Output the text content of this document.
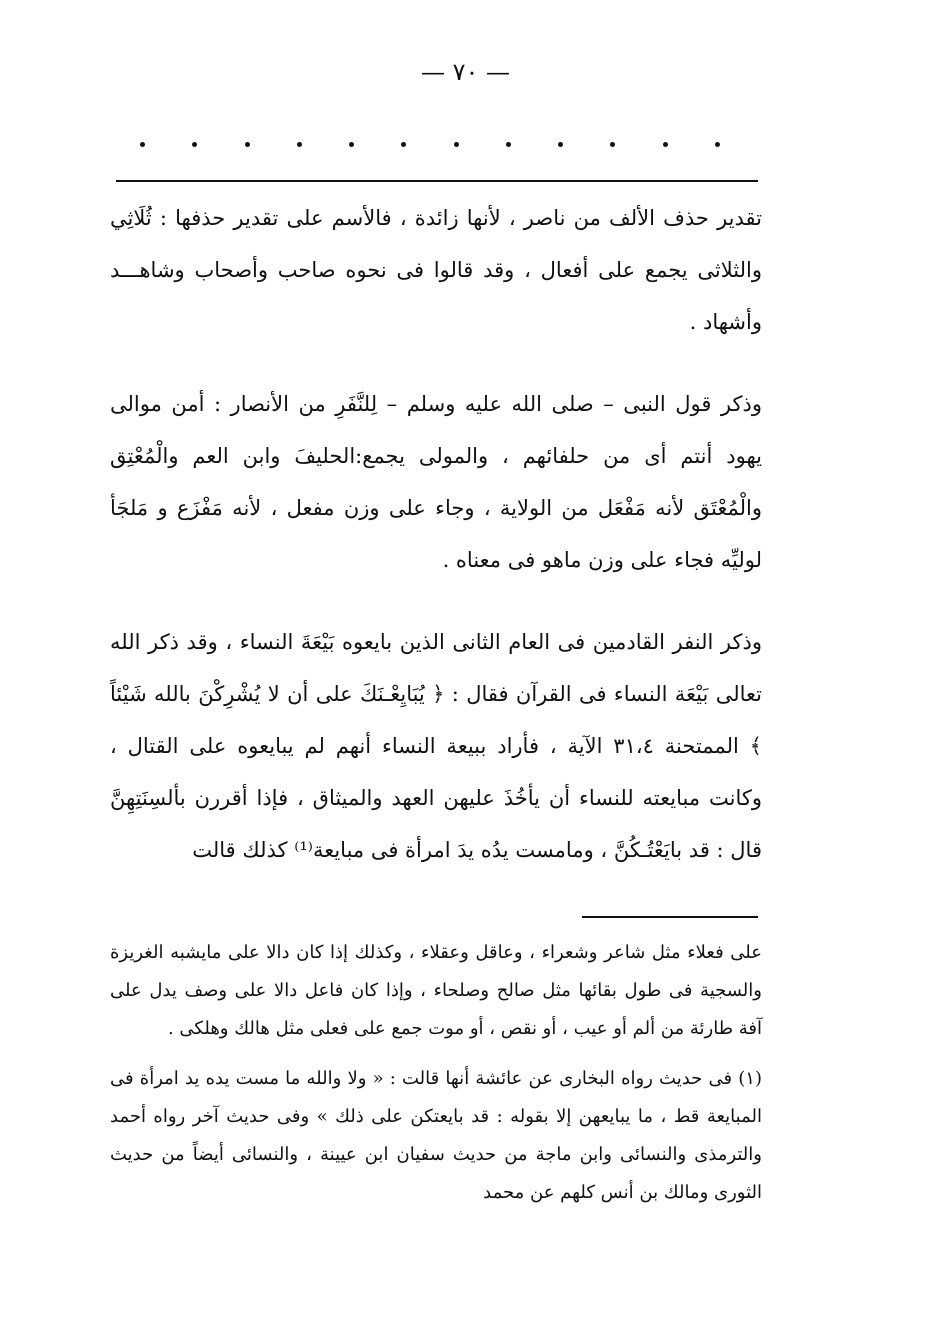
— ٧٠ —

تقدير حذف الألف من ناصر ، لأنها زائدة ، فالأسم على تقدير حذفها : ثُلَاثِي والثلاثى يجمع على أفعال ، وقد قالوا فى نحوه صاحب وأصحاب وشاهـــد وأشهاد .

وذكر قول النبى – صلى الله عليه وسلم – لِلنَّفَرِ من الأنصار : أمن موالى يهود أنتم أى من حلفائهم ، والمولى يجمع:الحليفَ وابن العم والْمُعْتِق والْمُعْتَق لأنه مَفْعَل من الولاية ، وجاء على وزن مفعل ، لأنه مَفْزَع و مَلجَأ لوليِّه فجاء على وزن ماهو فى معناه .

وذكر النفر القادمين فى العام الثانى الذين بايعوه بَيْعَةَ النساء ، وقد ذكر الله تعالى بَيْعَة النساء فى القرآن فقال : ﴿ يُبَايِعْـنَكَ على أن لا يُشْرِكْنَ بالله شَيْئاً ﴾ الممتحنة ٣١،٤ الآية ، فأراد ببيعة النساء أنهم لم يبايعوه على القتال ، وكانت مبايعته للنساء أن يأخُذَ عليهن العهد والميثاق ، فإذا أقررن بألسِنَتِهِنَّ قال : قد بايَعْتُـكُنَّ ، ومامست يدُه يدَ امرأة فى مبايعة⁽¹⁾ كذلك قالت

على فعلاء مثل شاعر وشعراء ، وعاقل وعقلاء ، وكذلك إذا كان دالا على مايشبه الغريزة والسجية فى طول بقائها مثل صالح وصلحاء ، وإذا كان فاعل دالا على وصف يدل على آفة طارئة من ألم أو عيب ، أو نقص ، أو موت جمع على فعلى مثل هالك وهلكى .

(١) فى حديث رواه البخارى عن عائشة أنها قالت : « ولا والله ما مست يده يد امرأة فى المبايعة قط ، ما يبايعهن إلا بقوله : قد بايعتكن على ذلك » وفى حديث آخر رواه أحمد والترمذى والنسائى وابن ماجة من حديث سفيان ابن عيينة ، والنسائى أيضاً من حديث الثورى ومالك بن أنس كلهم عن محمد
